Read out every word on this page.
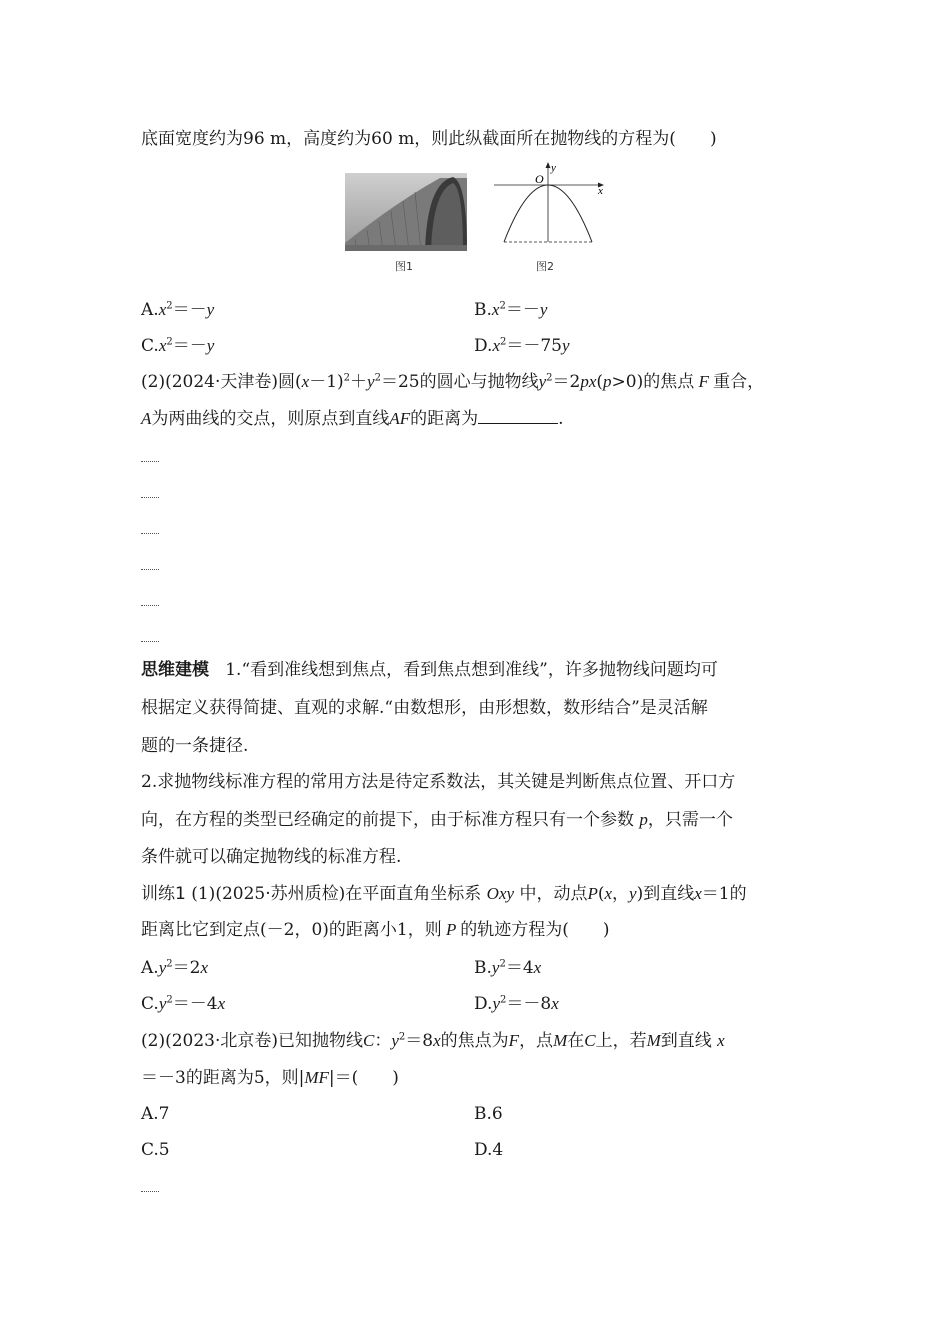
底面宽度约为96 m，高度约为60 m，则此纵截面所在抛物线的方程为(　　)
图1
x
y
O
图2
$A.x^2=-y$	$B.x^2=-y$
$C.x^2=-y$	$D.x^2=-75y$
(2)(2024·天津卷)圆$(x-1)^2+y^2=25$的圆心与抛物线$y^2=2px(p>0)$的焦点 F 重合，
A为两曲线的交点，则原点到直线AF的距离为	.
思维建模 1.“看到准线想到焦点，看到焦点想到准线”，许多抛物线问题均可
根据定义获得简捷、直观的求解.“由数想形，由形想数，数形结合”是灵活解
题的一条捷径.
2.求抛物线标准方程的常用方法是待定系数法，其关键是判断焦点位置、开口方
向，在方程的类型已经确定的前提下，由于标准方程只有一个参数 p，只需一个
条件就可以确定抛物线的标准方程.
训练1 (1)(2025·苏州质检)在平面直角坐标系 Oxy 中，动点P(x，y)到直线x＝1的
距离比它到定点(－2，0)的距离小1，则 P 的轨迹方程为(　　)
$A.y^2=2x$	$B.y^2=4x$
$C.y^2=-4x$	$D.y^2=-8x$
(2)(2023·北京卷)已知抛物线C：$y^2=8x$的焦点为F，点M在C上，若M到直线 x
＝－3的距离为5，则|MF|＝(　　)
A.7	B.6
C.5	D.4
